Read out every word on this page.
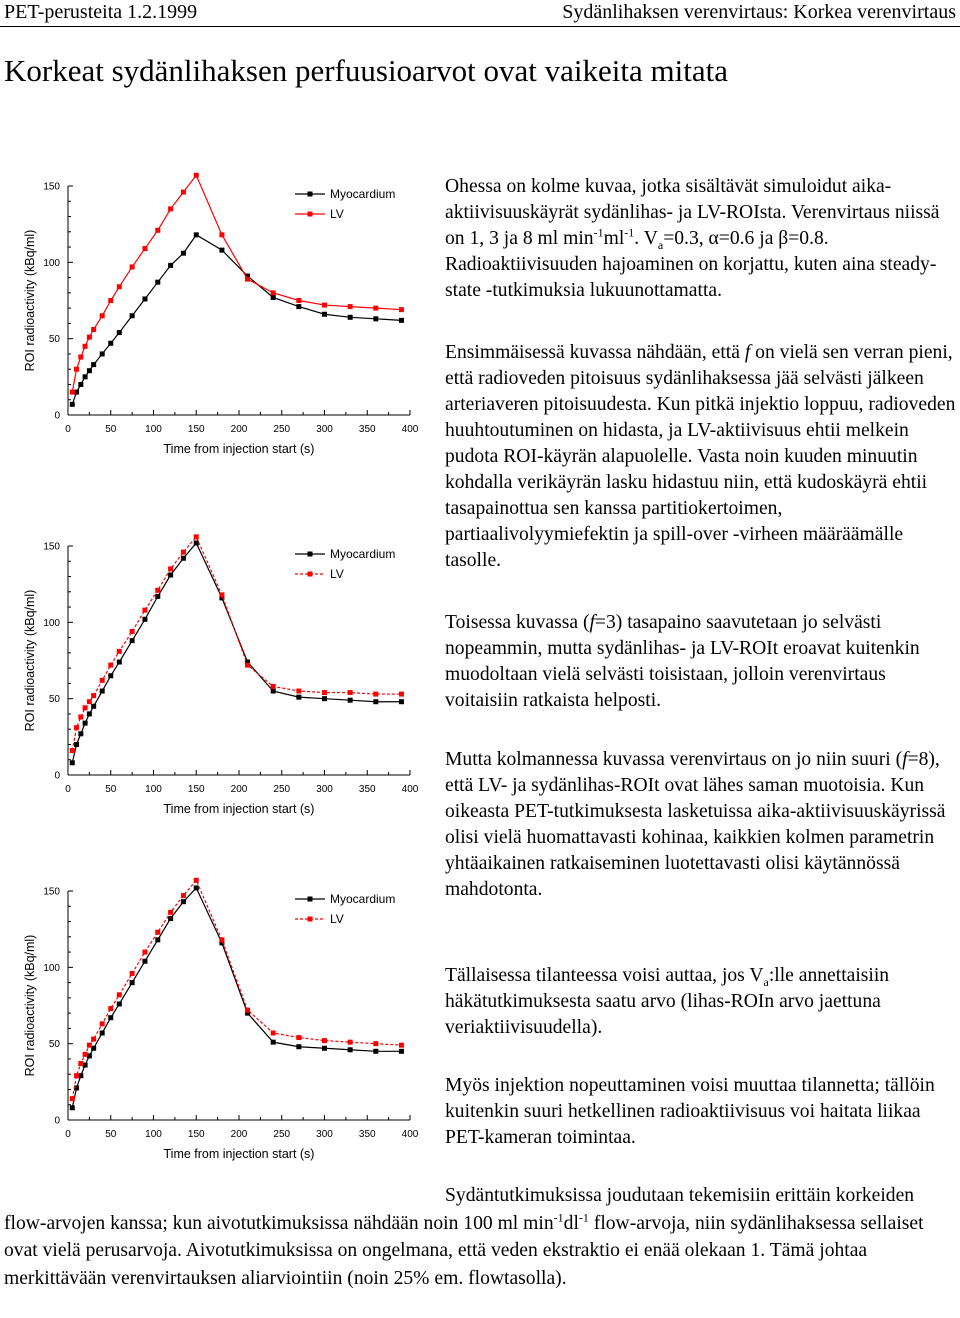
PET-perusteita 1.2.1999	Sydänlihaksen verenvirtaus: Korkea verenvirtaus
Korkeat sydänlihaksen perfuusioarvot ovat vaikeita mitata
0	50	100	150	200	250	300	350	400
0
50
100
150
Time from injection start (s)
ROI radioactivity (kBq/ml)
Myocardium
LV
0	50	100	150	200	250	300	350	400
0
50
100
150
Time from injection start (s)
ROI radioactivity (kBq/ml)
Myocardium
LV
0	50	100	150	200	250	300	350	400
0
50
100
150
Time from injection start (s)
ROI radioactivity (kBq/ml)
Myocardium
LV

Ohessa on kolme kuvaa, jotka sisältävät simuloidut aika-aktiivisuuskäyrät sydänlihas- ja LV-ROIsta. Verenvirtaus niissä on 1, 3 ja 8 ml $\min^{-1}ml^{-1}$. $V_a=0.3$, α=0.6 ja β=0.8. Radioaktiivisuuden hajoaminen on korjattu, kuten aina steady-state -tutkimuksia lukuunottamatta.

Ensimmäisessä kuvassa nähdään, että f on vielä sen verran pieni, että radioveden pitoisuus sydänlihaksessa jää selvästi jälkeen arteriaveren pitoisuudesta. Kun pitkä injektio loppuu, radioveden huuhtoutuminen on hidasta, ja LV-aktiivisuus ehtii melkein pudota ROI-käyrän alapuolelle. Vasta noin kuuden minuutin kohdalla verikäyrän lasku hidastuu niin, että kudoskäyrä ehtii tasapainottua sen kanssa partitiokertoimen, partiaalivolyymiefektin ja spill-over -virheen määräämälle tasolle.

Toisessa kuvassa (f=3) tasapaino saavutetaan jo selvästi nopeammin, mutta sydänlihas- ja LV-ROIt eroavat kuitenkin muodoltaan vielä selvästi toisistaan, jolloin verenvirtaus voitaisiin ratkaista helposti.

Mutta kolmannessa kuvassa verenvirtaus on jo niin suuri (f=8), että LV- ja sydänlihas-ROIt ovat lähes saman muotoisia. Kun oikeasta PET-tutkimuksesta lasketuissa aika-aktiivisuuskäyrissä olisi vielä huomattavasti kohinaa, kaikkien kolmen parametrin yhtäaikainen ratkaiseminen luotettavasti olisi käytännössä mahdotonta.

Tällaisessa tilanteessa voisi auttaa, jos $V_a:lle$ annettaisiin häkätutkimuksesta saatu arvo (lihas-ROIn arvo jaettuna veriaktiivisuudella).

Myös injektion nopeuttaminen voisi muuttaa tilannetta; tällöin kuitenkin suuri hetkellinen radioaktiivisuus voi haitata liikaa PET-kameran toimintaa.

Sydäntutkimuksissa joudutaan tekemisiin erittäin korkeiden flow-arvojen kanssa; kun aivotutkimuksissa nähdään noin 100 ml $\min^{-1}dl^{-1}$ flow-arvoja, niin sydänlihaksessa sellaiset ovat vielä perusarvoja. Aivotutkimuksissa on ongelmana, että veden ekstraktio ei enää olekaan 1. Tämä johtaa merkittävään verenvirtauksen aliarviointiin (noin 25% em. flowtasolla).
